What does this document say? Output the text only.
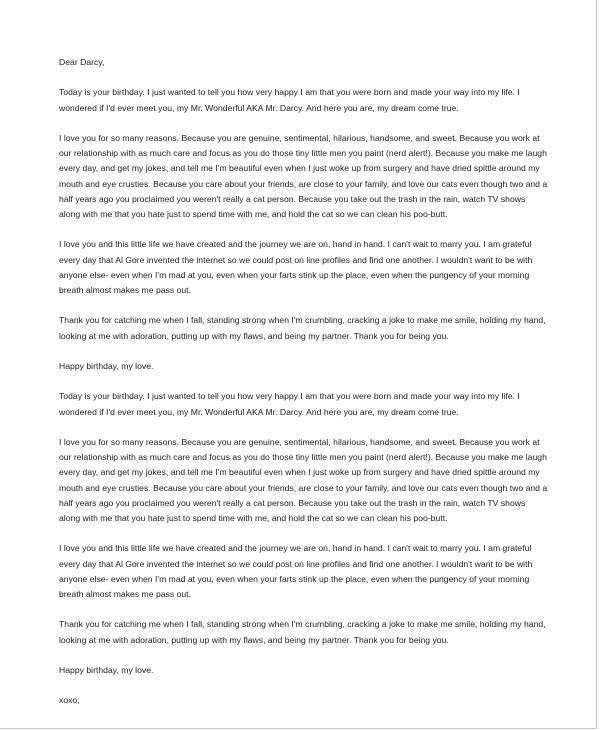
Dear Darcy,

Today is your birthday. I just wanted to tell you how very happy I am that you were born and made your way into my life. I
wondered if I'd ever meet you, my Mr. Wonderful AKA Mr. Darcy. And here you are, my dream come true.

I love you for so many reasons. Because you are genuine, sentimental, hilarious, handsome, and sweet. Because you work at
our relationship with as much care and focus as you do those tiny little men you paint (nerd alert!). Because you make me laugh
every day, and get my jokes, and tell me I'm beautiful even when I just woke up from surgery and have dried spittle around my
mouth and eye crusties. Because you care about your friends, are close to your family, and love our cats even though two and a
half years ago you proclaimed you weren't really a cat person. Because you take out the trash in the rain, watch TV shows
along with me that you hate just to spend time with me, and hold the cat so we can clean his poo-butt.

I love you and this little life we have created and the journey we are on, hand in hand. I can't wait to marry you. I am grateful
every day that Al Gore invented the internet so we could post on line profiles and find one another. I wouldn't want to be with
anyone else- even when I'm mad at you, even when your farts stink up the place, even when the pungency of your morning
breath almost makes me pass out.

Thank you for catching me when I fall, standing strong when I'm crumbling, cracking a joke to make me smile, holding my hand,
looking at me with adoration, putting up with my flaws, and being my partner. Thank you for being you.

Happy birthday, my love.

Today is your birthday. I just wanted to tell you how very happy I am that you were born and made your way into my life. I
wondered if I'd ever meet you, my Mr. Wonderful AKA Mr. Darcy. And here you are, my dream come true.

I love you for so many reasons. Because you are genuine, sentimental, hilarious, handsome, and sweet. Because you work at
our relationship with as much care and focus as you do those tiny little men you paint (nerd alert!). Because you make me laugh
every day, and get my jokes, and tell me I'm beautiful even when I just woke up from surgery and have dried spittle around my
mouth and eye crusties. Because you care about your friends, are close to your family, and love our cats even though two and a
half years ago you proclaimed you weren't really a cat person. Because you take out the trash in the rain, watch TV shows
along with me that you hate just to spend time with me, and hold the cat so we can clean his poo-butt.

I love you and this little life we have created and the journey we are on, hand in hand. I can't wait to marry you. I am grateful
every day that Al Gore invented the internet so we could post on line profiles and find one another. I wouldn't want to be with
anyone else- even when I'm mad at you, even when your farts stink up the place, even when the pungency of your morning
breath almost makes me pass out.

Thank you for catching me when I fall, standing strong when I'm crumbling, cracking a joke to make me smile, holding my hand,
looking at me with adoration, putting up with my flaws, and being my partner. Thank you for being you.

Happy birthday, my love.

xoxo,
